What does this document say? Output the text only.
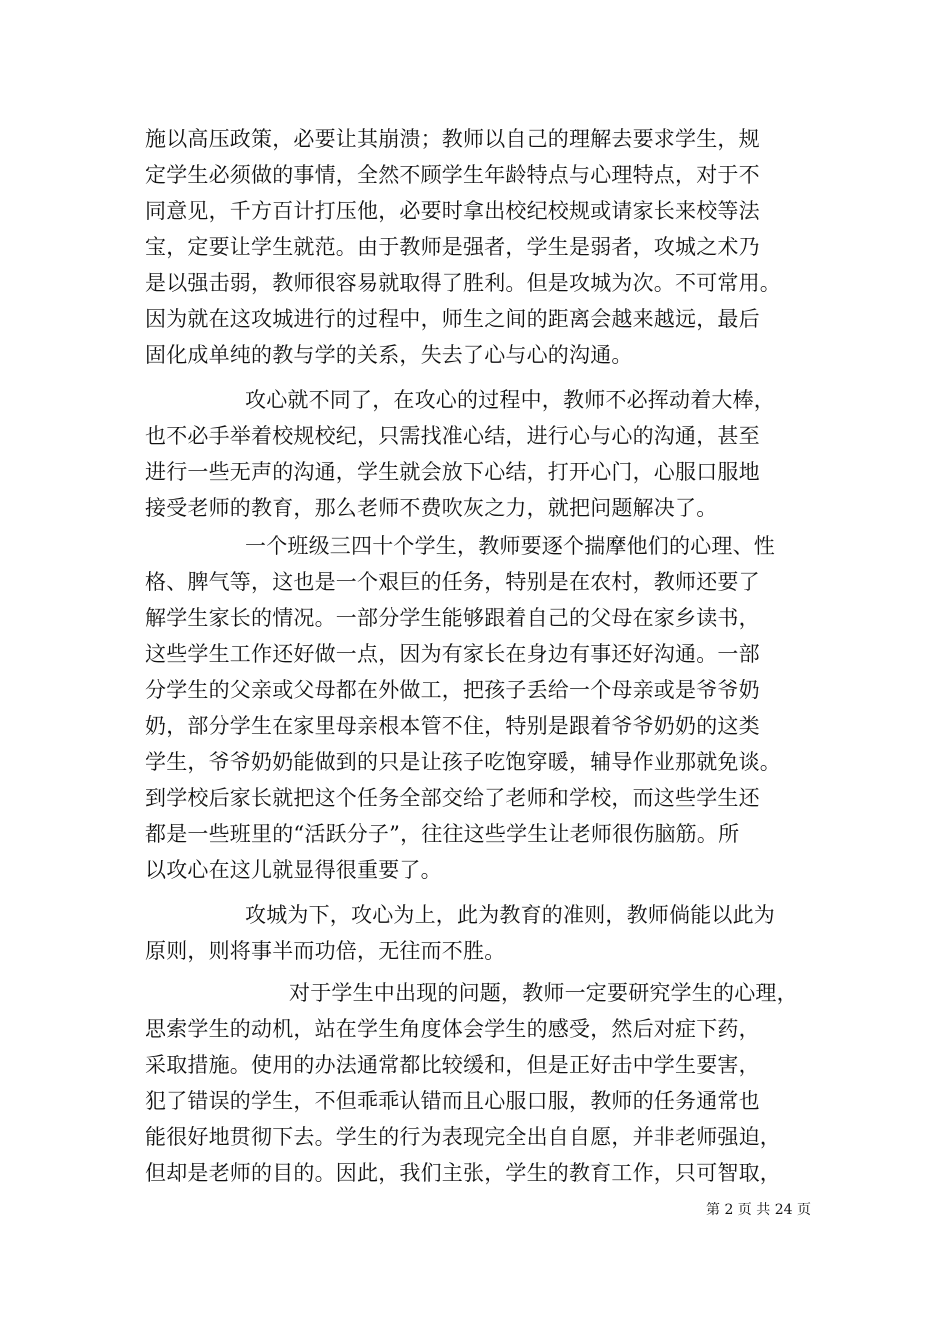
施以高压政策，必要让其崩溃；教师以自己的理解去要求学生，规
定学生必须做的事情，全然不顾学生年龄特点与心理特点，对于不
同意见，千方百计打压他，必要时拿出校纪校规或请家长来校等法
宝，定要让学生就范。由于教师是强者，学生是弱者，攻城之术乃
是以强击弱，教师很容易就取得了胜利。但是攻城为次。不可常用。
因为就在这攻城进行的过程中，师生之间的距离会越来越远，最后
固化成单纯的教与学的关系，失去了心与心的沟通。
攻心就不同了，在攻心的过程中，教师不必挥动着大棒，
也不必手举着校规校纪，只需找准心结，进行心与心的沟通，甚至
进行一些无声的沟通，学生就会放下心结，打开心门，心服口服地
接受老师的教育，那么老师不费吹灰之力，就把问题解决了。
一个班级三四十个学生，教师要逐个揣摩他们的心理、性
格、脾气等，这也是一个艰巨的任务，特别是在农村，教师还要了
解学生家长的情况。一部分学生能够跟着自己的父母在家乡读书，
这些学生工作还好做一点，因为有家长在身边有事还好沟通。一部
分学生的父亲或父母都在外做工，把孩子丢给一个母亲或是爷爷奶
奶，部分学生在家里母亲根本管不住，特别是跟着爷爷奶奶的这类
学生，爷爷奶奶能做到的只是让孩子吃饱穿暖，辅导作业那就免谈。
到学校后家长就把这个任务全部交给了老师和学校，而这些学生还
都是一些班里的“活跃分子”，往往这些学生让老师很伤脑筋。所
以攻心在这儿就显得很重要了。
攻城为下，攻心为上，此为教育的准则，教师倘能以此为
原则，则将事半而功倍，无往而不胜。
对于学生中出现的问题，教师一定要研究学生的心理，
思索学生的动机，站在学生角度体会学生的感受，然后对症下药，
采取措施。使用的办法通常都比较缓和，但是正好击中学生要害，
犯了错误的学生，不但乖乖认错而且心服口服，教师的任务通常也
能很好地贯彻下去。学生的行为表现完全出自自愿，并非老师强迫，
但却是老师的目的。因此，我们主张，学生的教育工作，只可智取，
第 2 页 共 24 页
